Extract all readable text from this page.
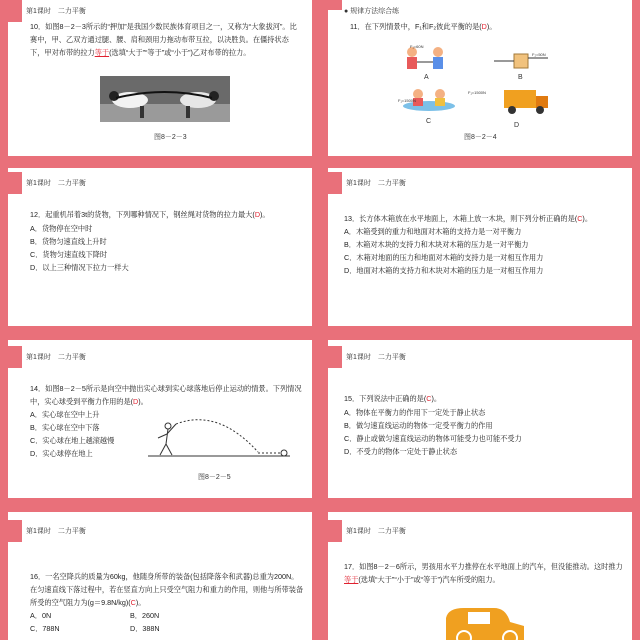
第1课时　二力平衡
10．如图8－2－3所示的“押加”是我国少数民族体育项目之一，又称为“大象拔河”。比赛中，甲、乙双方通过腿、腰、肩和颈用力拖动布带互拉，以决胜负。在僵持状态下，甲对布带的拉力等于(选填“大于”“等于”或“小于”)乙对布带的拉力。
图8－2－3
● 规律方法综合练
11．在下列情景中，F₁和F₂彼此平衡的是(D)。
F₁=60N
A
F₂=50N
B
F₁=1500N
C
F₁=1500N
D
图8－2－4
第1课时　二力平衡
12．起重机吊着3t的货物，下列哪种情况下，钢丝绳对货物的拉力最大(D)。
A．货物停在空中时
B．货物匀速直线上升时
C．货物匀速直线下降时
D．以上三种情况下拉力一样大
第1课时　二力平衡
13．长方体木箱放在水平地面上，木箱上放一木块，则下列分析正确的是(C)。
A．木箱受到的重力和地面对木箱的支持力是一对平衡力
B．木箱对木块的支持力和木块对木箱的压力是一对平衡力
C．木箱对地面的压力和地面对木箱的支持力是一对相互作用力
D．地面对木箱的支持力和木块对木箱的压力是一对相互作用力
第1课时　二力平衡
14．如图8－2－5所示是向空中抛出实心球到实心球落地后停止运动的情景。下列情况中，实心球受到平衡力作用的是(D)。
A．实心球在空中上升
B．实心球在空中下落
C．实心球在地上越滚越慢
D．实心球停在地上
图8－2－5
第1课时　二力平衡
15．下列说法中正确的是(C)。
A．物体在平衡力的作用下一定处于静止状态
B．做匀速直线运动的物体一定受平衡力的作用
C．静止或做匀速直线运动的物体可能受力也可能不受力
D．不受力的物体一定处于静止状态
第1课时　二力平衡
16．一名空降兵的质量为60kg，他随身所带的装备(包括降落伞和武器)总重为200N。在匀速直线下落过程中，若在竖直方向上只受空气阻力和重力的作用，则他与所带装备所受的空气阻力为(g＝9.8N/kg)(C)。
A．0N	B．260N
C．788N	D．388N
第1课时　二力平衡
17．如图8－2－6所示，男孩用水平力推停在水平地面上的汽车，但没能推动。这时推力等于(选填“大于”“小于”或“等于”)汽车所受的阻力。
